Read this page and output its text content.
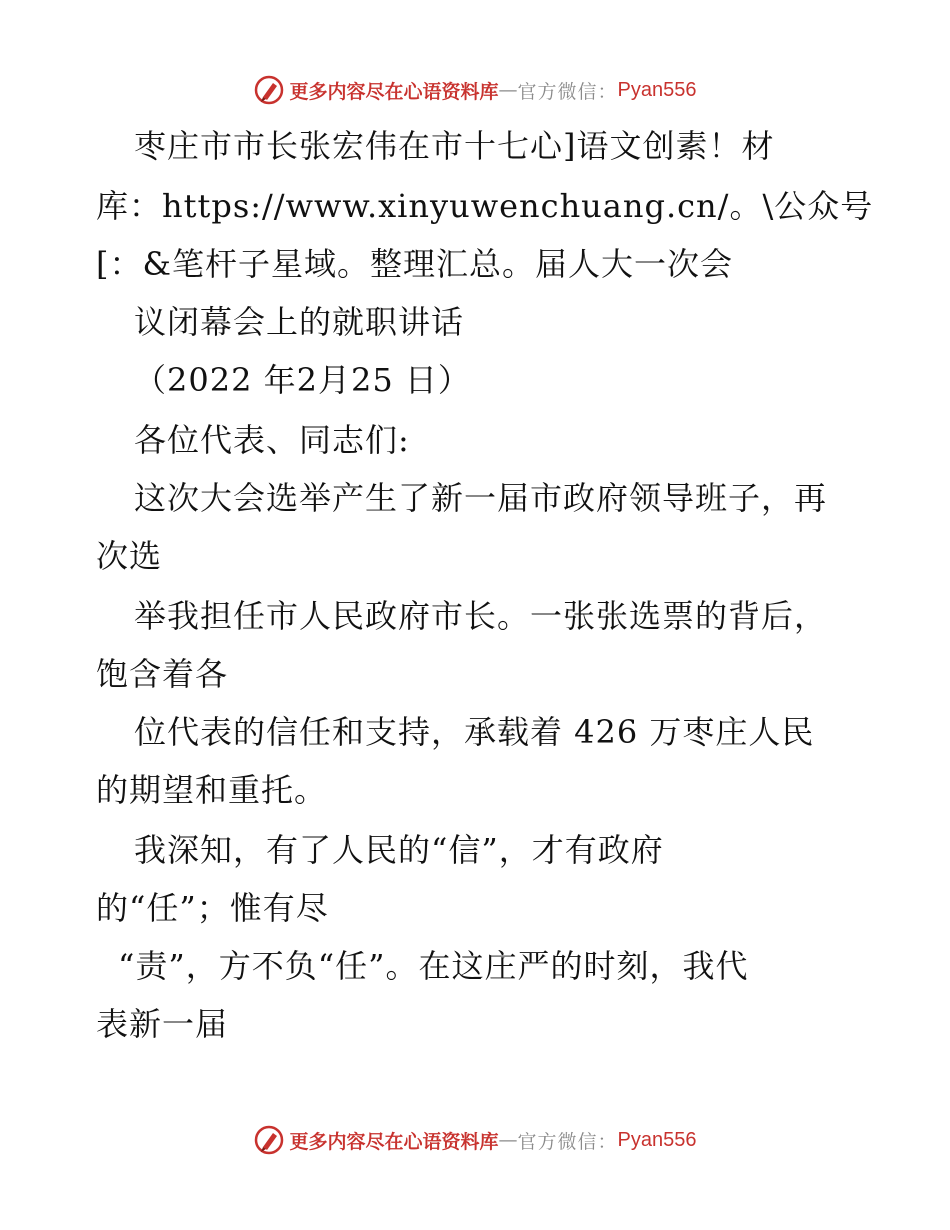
更多内容尽在心语资料库 — 官方微信： Pyan556
枣庄市市长张宏伟在市十七心]语文创素！材
库：https://www.xinyuwenchuang.cn/。\公众号
[：&笔杆子星域。整理汇总。届人大一次会
议闭幕会上的就职讲话
（2022 年2月25 日）
各位代表、同志们:
这次大会选举产生了新一届市政府领导班子，再
次选
举我担任市人民政府市长。一张张选票的背后，
饱含着各
位代表的信任和支持，承载着 426 万枣庄人民
的期望和重托。
我深知，有了人民的“信”，才有政府
的“任”；惟有尽
“责”，方不负“任”。在这庄严的时刻，我代
表新一届
更多内容尽在心语资料库 — 官方微信： Pyan556
